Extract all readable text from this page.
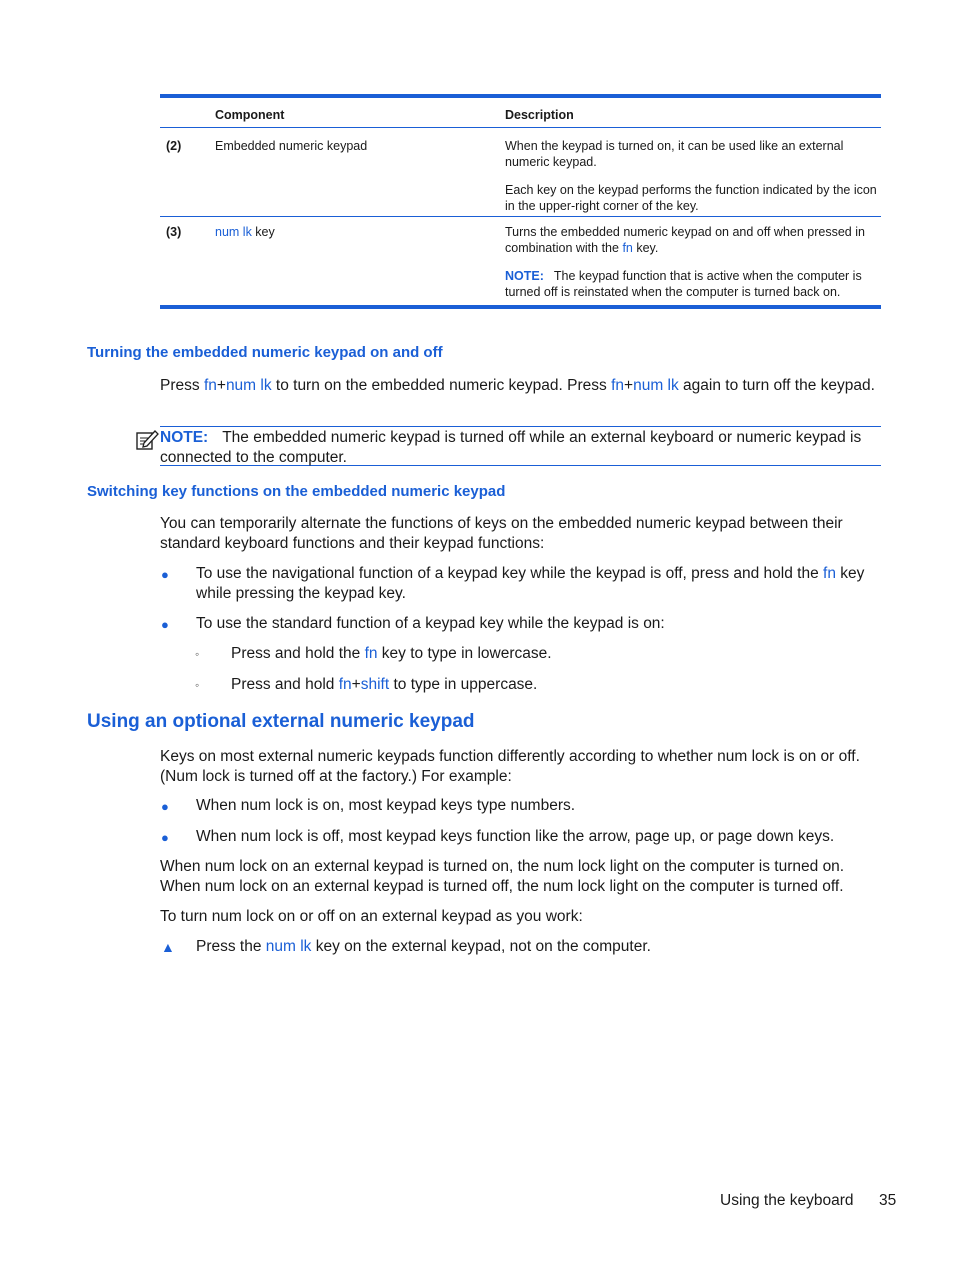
Component	Description
(2)	Embedded numeric keypad	When the keypad is turned on, it can be used like an external numeric keypad.

Each key on the keypad performs the function indicated by the icon in the upper-right corner of the key.

(3)	num lk key	Turns the embedded numeric keypad on and off when pressed in combination with the fn key.

NOTE: The keypad function that is active when the computer is turned off is reinstated when the computer is turned back on.

Turning the embedded numeric keypad on and off

Press fn+num lk to turn on the embedded numeric keypad. Press fn+num lk again to turn off the keypad.

NOTE: The embedded numeric keypad is turned off while an external keyboard or numeric keypad is connected to the computer.

Switching key functions on the embedded numeric keypad

You can temporarily alternate the functions of keys on the embedded numeric keypad between their standard keyboard functions and their keypad functions:

● To use the navigational function of a keypad key while the keypad is off, press and hold the fn key while pressing the keypad key.

● To use the standard function of a keypad key while the keypad is on:

◦ Press and hold the fn key to type in lowercase.

◦ Press and hold fn+shift to type in uppercase.

Using an optional external numeric keypad

Keys on most external numeric keypads function differently according to whether num lock is on or off. (Num lock is turned off at the factory.) For example:

● When num lock is on, most keypad keys type numbers.

● When num lock is off, most keypad keys function like the arrow, page up, or page down keys.

When num lock on an external keypad is turned on, the num lock light on the computer is turned on. When num lock on an external keypad is turned off, the num lock light on the computer is turned off.

To turn num lock on or off on an external keypad as you work:

▲ Press the num lk key on the external keypad, not on the computer.

Using the keyboard 35
